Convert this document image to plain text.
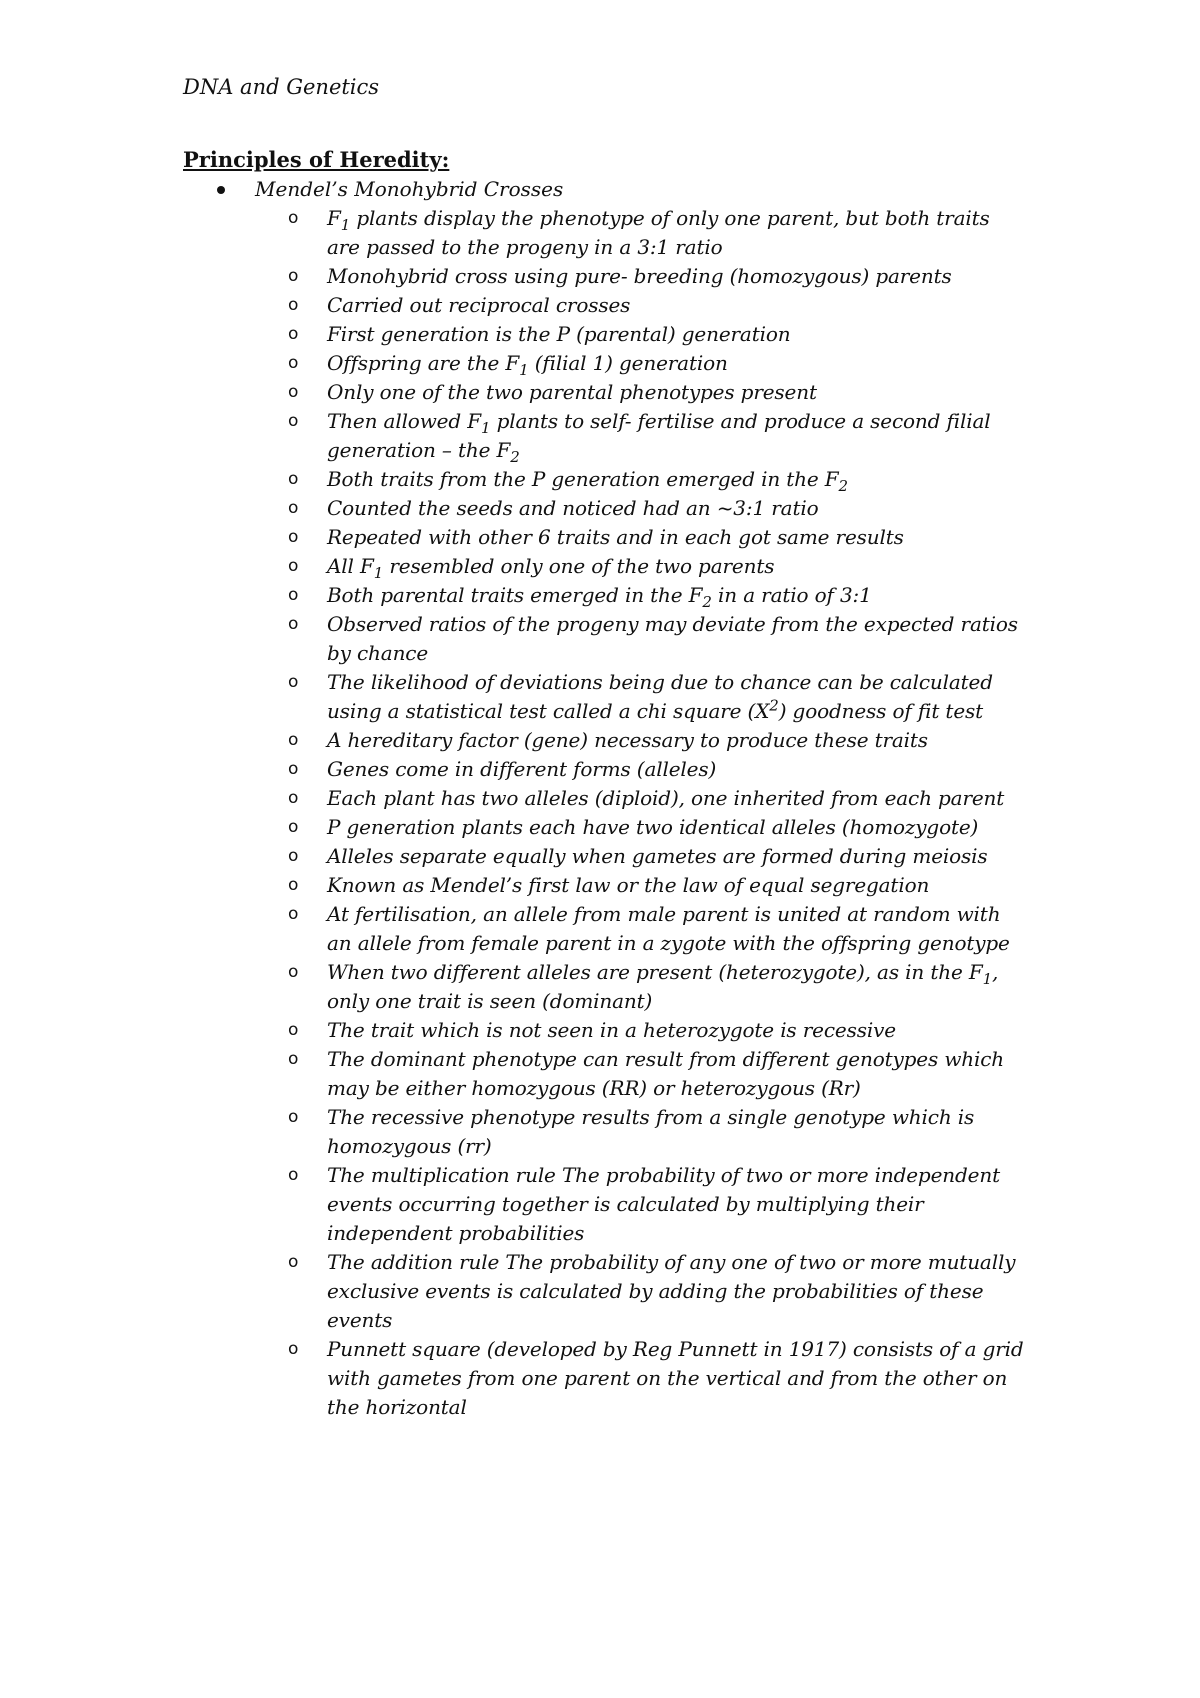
DNA and Genetics
Principles of Heredity:
Mendel’s Monohybrid Crosses
o $F_1$ plants display the phenotype of only one parent, but both traits are passed to the progeny in a 3:1 ratio
o Monohybrid cross using pure- breeding (homozygous) parents
o Carried out reciprocal crosses
o First generation is the P (parental) generation
o Offspring are the $F_1$ (filial 1) generation
o Only one of the two parental phenotypes present
o Then allowed $F_1$ plants to self- fertilise and produce a second filial generation – the $F_2$
o Both traits from the P generation emerged in the $F_2$
o Counted the seeds and noticed had an ~3:1 ratio
o Repeated with other 6 traits and in each got same results
o All $F_1$ resembled only one of the two parents
o Both parental traits emerged in the $F_2$ in a ratio of 3:1
o Observed ratios of the progeny may deviate from the expected ratios by chance
o The likelihood of deviations being due to chance can be calculated using a statistical test called a chi square $(X^2)$ goodness of fit test
o A hereditary factor (gene) necessary to produce these traits
o Genes come in different forms (alleles)
o Each plant has two alleles (diploid), one inherited from each parent
o P generation plants each have two identical alleles (homozygote)
o Alleles separate equally when gametes are formed during meiosis
o Known as Mendel’s first law or the law of equal segregation
o At fertilisation, an allele from male parent is united at random with an allele from female parent in a zygote with the offspring genotype
o When two different alleles are present (heterozygote), as in the $F_1$, only one trait is seen (dominant)
o The trait which is not seen in a heterozygote is recessive
o The dominant phenotype can result from different genotypes which may be either homozygous (RR) or heterozygous (Rr)
o The recessive phenotype results from a single genotype which is homozygous (rr)
o The multiplication rule The probability of two or more independent events occurring together is calculated by multiplying their independent probabilities
o The addition rule The probability of any one of two or more mutually exclusive events is calculated by adding the probabilities of these events
o Punnett square (developed by Reg Punnett in 1917) consists of a grid with gametes from one parent on the vertical and from the other on the horizontal
